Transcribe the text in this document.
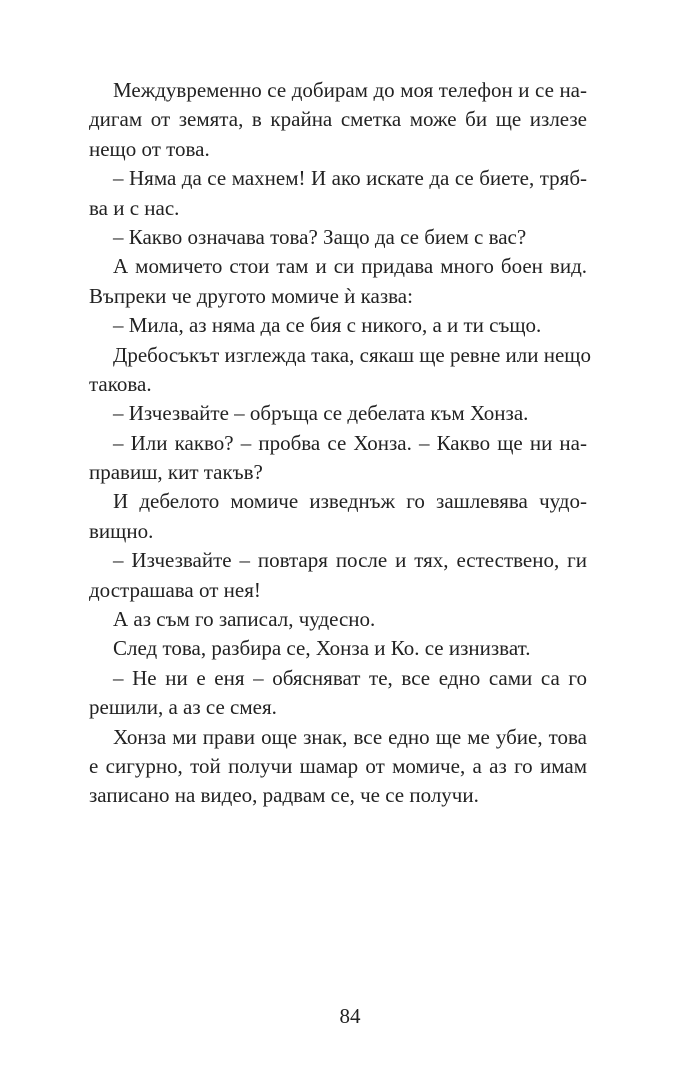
Междувременно се добирам до моя телефон и се на-
дигам от земята, в крайна сметка може би ще излезе
нещо от това.
– Няма да се махнем! И ако искате да се биете, тряб-
ва и с нас.
– Какво означава това? Защо да се бием с вас?
А момичето стои там и си придава много боен вид.
Въпреки че другото момиче ѝ казва:
– Мила, аз няма да се бия с никого, а и ти също.
Дребосъкът изглежда така, сякаш ще ревне или нещо
такова.
– Изчезвайте – обръща се дебелата към Хонза.
– Или какво? – пробва се Хонза. – Какво ще ни на-
правиш, кит такъв?
И дебелото момиче изведнъж го зашлевява чудо-
вищно.
– Изчезвайте – повтаря после и тях, естествено, ги
дострашава от нея!
А аз съм го записал, чудесно.
След това, разбира се, Хонза и Ко. се изнизват.
– Не ни е еня – обясняват те, все едно сами са го
решили, а аз се смея.
Хонза ми прави още знак, все едно ще ме убие, това
е сигурно, той получи шамар от момиче, а аз го имам
записано на видео, радвам се, че се получи.
84
